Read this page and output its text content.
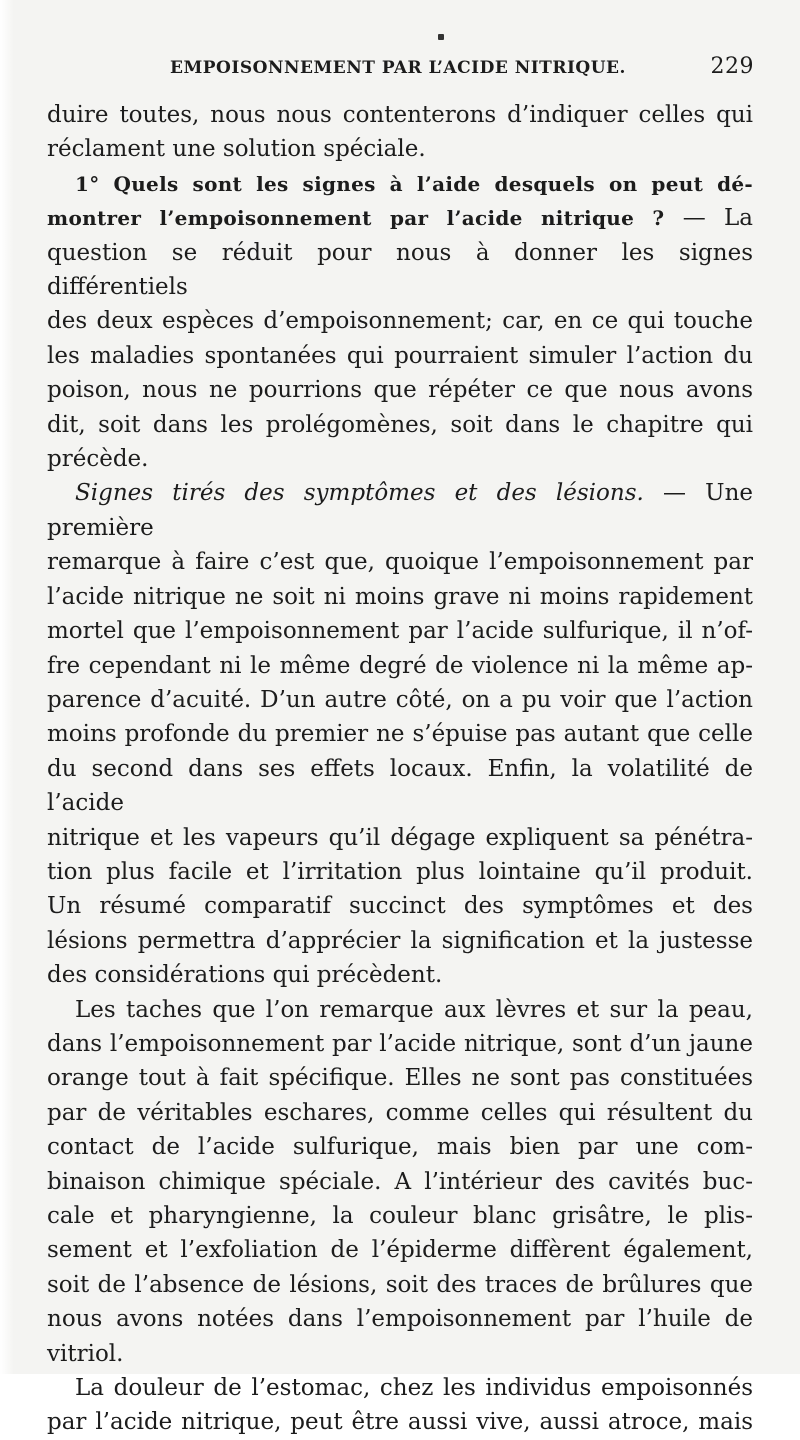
EMPOISONNEMENT PAR L’ACIDE NITRIQUE.	229

duire toutes, nous nous contenterons d’indiquer celles qui

réclament une solution spéciale.

1° Quels sont les signes à l’aide desquels on peut dé-

montrer l’empoisonnement par l’acide nitrique ? — La

question se réduit pour nous à donner les signes différentiels

des deux espèces d’empoisonnement; car, en ce qui touche

les maladies spontanées qui pourraient simuler l’action du

poison, nous ne pourrions que répéter ce que nous avons

dit, soit dans les prolégomènes, soit dans le chapitre qui

précède.

Signes tirés des symptômes et des lésions. — Une première

remarque à faire c’est que, quoique l’empoisonnement par

l’acide nitrique ne soit ni moins grave ni moins rapidement

mortel que l’empoisonnement par l’acide sulfurique, il n’of-

fre cependant ni le même degré de violence ni la même ap-

parence d’acuité. D’un autre côté, on a pu voir que l’action

moins profonde du premier ne s’épuise pas autant que celle

du second dans ses effets locaux. Enfin, la volatilité de l’acide

nitrique et les vapeurs qu’il dégage expliquent sa pénétra-

tion plus facile et l’irritation plus lointaine qu’il produit.

Un résumé comparatif succinct des symptômes et des

lésions permettra d’apprécier la signification et la justesse

des considérations qui précèdent.

Les taches que l’on remarque aux lèvres et sur la peau,

dans l’empoisonnement par l’acide nitrique, sont d’un jaune

orange tout à fait spécifique. Elles ne sont pas constituées

par de véritables eschares, comme celles qui résultent du

contact de l’acide sulfurique, mais bien par une com-

binaison chimique spéciale. A l’intérieur des cavités buc-

cale et pharyngienne, la couleur blanc grisâtre, le plis-

sement et l’exfoliation de l’épiderme diffèrent également,

soit de l’absence de lésions, soit des traces de brûlures que

nous avons notées dans l’empoisonnement par l’huile de

vitriol.

La douleur de l’estomac, chez les individus empoisonnés

par l’acide nitrique, peut être aussi vive, aussi atroce, mais
